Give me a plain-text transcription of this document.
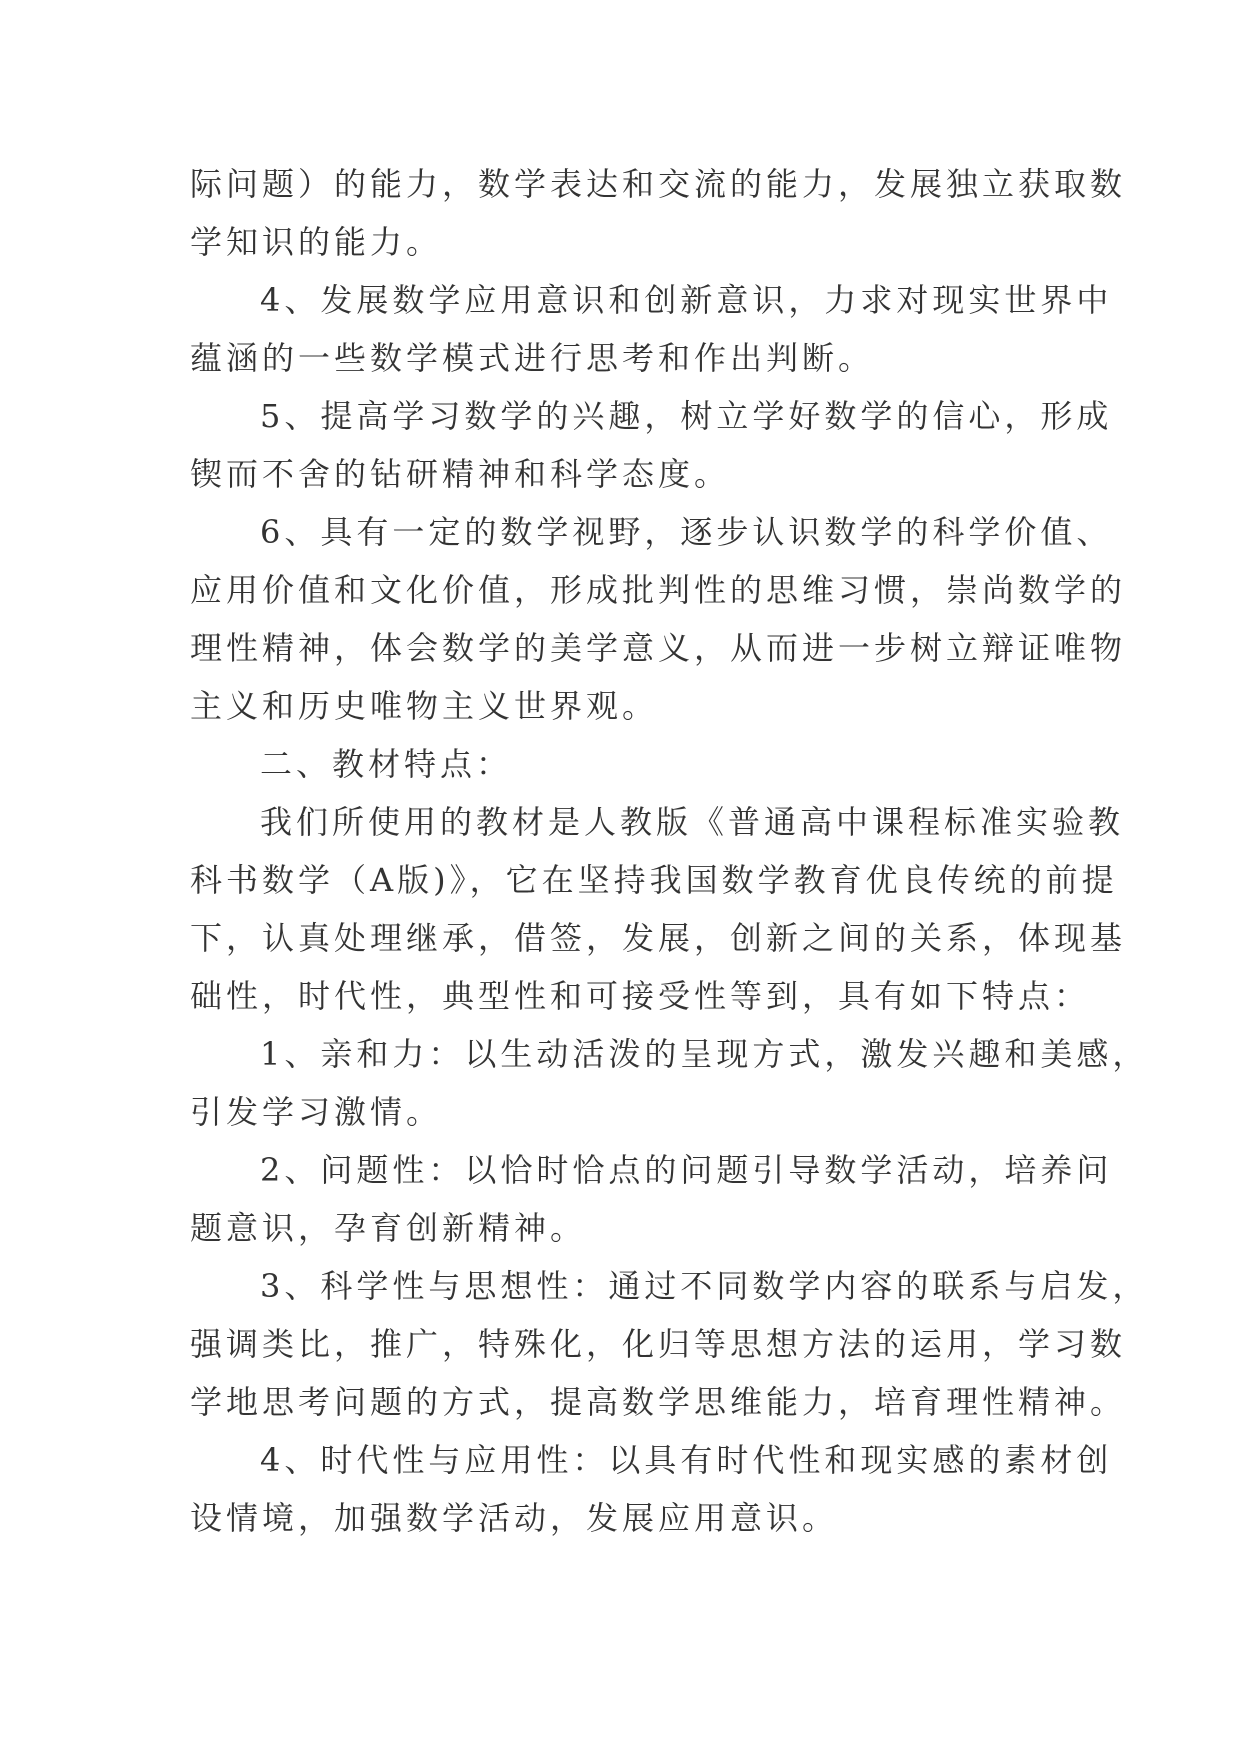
际问题）的能力，数学表达和交流的能力，发展独立获取数
学知识的能力。
4、发展数学应用意识和创新意识，力求对现实世界中
蕴涵的一些数学模式进行思考和作出判断。
5、提高学习数学的兴趣，树立学好数学的信心，形成
锲而不舍的钻研精神和科学态度。
6、具有一定的数学视野，逐步认识数学的科学价值、
应用价值和文化价值，形成批判性的思维习惯，崇尚数学的
理性精神，体会数学的美学意义，从而进一步树立辩证唯物
主义和历史唯物主义世界观。
二、教材特点：
我们所使用的教材是人教版《普通高中课程标准实验教
科书数学（A版)》，它在坚持我国数学教育优良传统的前提
下，认真处理继承，借签，发展，创新之间的关系，体现基
础性，时代性，典型性和可接受性等到，具有如下特点：
1、亲和力：以生动活泼的呈现方式，激发兴趣和美感，
引发学习激情。
2、问题性：以恰时恰点的问题引导数学活动，培养问
题意识，孕育创新精神。
3、科学性与思想性：通过不同数学内容的联系与启发，
强调类比，推广，特殊化，化归等思想方法的运用，学习数
学地思考问题的方式，提高数学思维能力，培育理性精神。
4、时代性与应用性：以具有时代性和现实感的素材创
设情境，加强数学活动，发展应用意识。
